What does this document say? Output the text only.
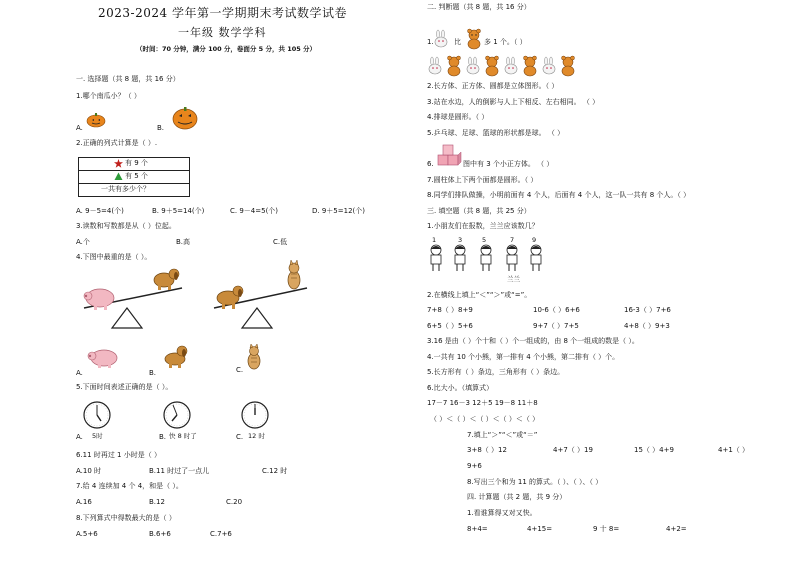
2023-2024 学年第一学期期末考试数学试卷
一年级 数学学科
（时间：70 分钟，满分 100 分，卷面分 5 分，共 105 分）
一. 选择题（共 8 题，共 16 分）
1.哪个南瓜小？（ ）
A.	B.
2.正确的列式计算是（ ）.
有 9 个
有 5 个
一共有多少个？
A. 9－5=4(个)	B. 9＋5=14(个)	C. 9－4=5(个)	D. 9＋5=12(个)
3.读数和写数都是从（ ）位起。
A.个	B.高	C.低
4.下图中最重的是（ ）。
A.	B.	C.
5.下面时间表述正确的是（ ）。
5时
A.	B. 快 8 时了	C. 12 时
6.11 时再过 1 小时是（ ）
A.10 时	B.11 时过了一点儿	C.12 时
7.给 4 连续加 4 个 4，和是（ ）。
A.16	B.12	C.20
8.下列算式中得数最大的是（ ）
A.5+6	B.6+6	C.7+6
二. 判断题（共 8 题，共 16 分）
1.	比	多 1 个。（ ）
2.长方体、正方体、圆都是立体图形。（ ）
3.站在水边，人的倒影与人上下相反、左右相同。 （ ）
4.排球是圆形。（ ）
5.乒乓球、足球、篮球的形状都是球。 （ ）
6.	图中有 3 个小正方体。 （ ）
7.圆柱体上下两个面都是圆形。（ ）
8.同学们排队做操，小明前面有 4 个人，后面有 4 个人，这一队一共有 8 个人。（ ）
三. 填空题（共 8 题，共 25 分）
1.小朋友们在报数，兰兰应该数几？
1	3	5	7	9
兰兰
2.在横线上填上“＜”“＞”或“=”。
7+8（ ）8+9	10-6（ ）6+6	16-3（ ）7+6
6+5（ ）5+6	9+7（ ）7+5	4+8（ ）9+3
3.16 是由（ ）个十和（ ）个一组成的，由 8 个一组成的数是（ ）。
4.一共有 10 个小熊，第一排有 4 个小熊，第二排有（ ）个。
5.长方形有（ ）条边，三角形有（ ）条边。
6.比大小。（填算式）
17－7 16－3 12＋5 19－8 11＋8
（ ）＜（ ）＜（ ）＜（ ）＜（ ）
7.填上“＞”“＜”或“＝”
3+8（ ）12	4+7（ ）19	15（ ）4+9	4+1（ ）
9+6
8.写出三个和为 11 的算式。（ ）、（ ）、（ ）
四. 计算题（共 2 题，共 9 分）
1.看谁算得又对又快。
8+4=	4+15=	9 十 8=	4+2=
